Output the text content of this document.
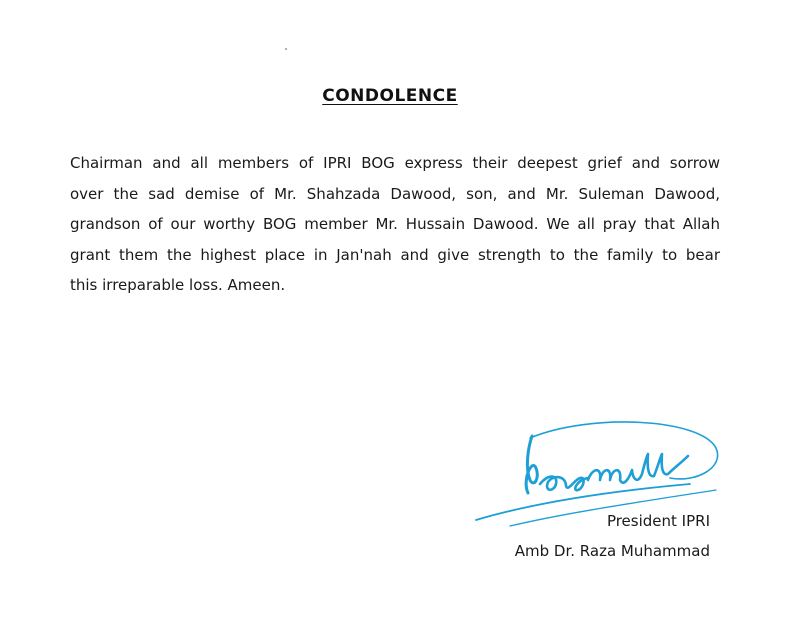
CONDOLENCE
Chairman and all members of IPRI BOG express their deepest grief and sorrow
over the sad demise of Mr. Shahzada Dawood, son, and Mr. Suleman Dawood,
grandson of our worthy BOG member Mr. Hussain Dawood. We all pray that Allah
grant them the highest place in Jan'nah and give strength to the family to bear
this irreparable loss. Ameen.
President IPRI
Amb Dr. Raza Muhammad
